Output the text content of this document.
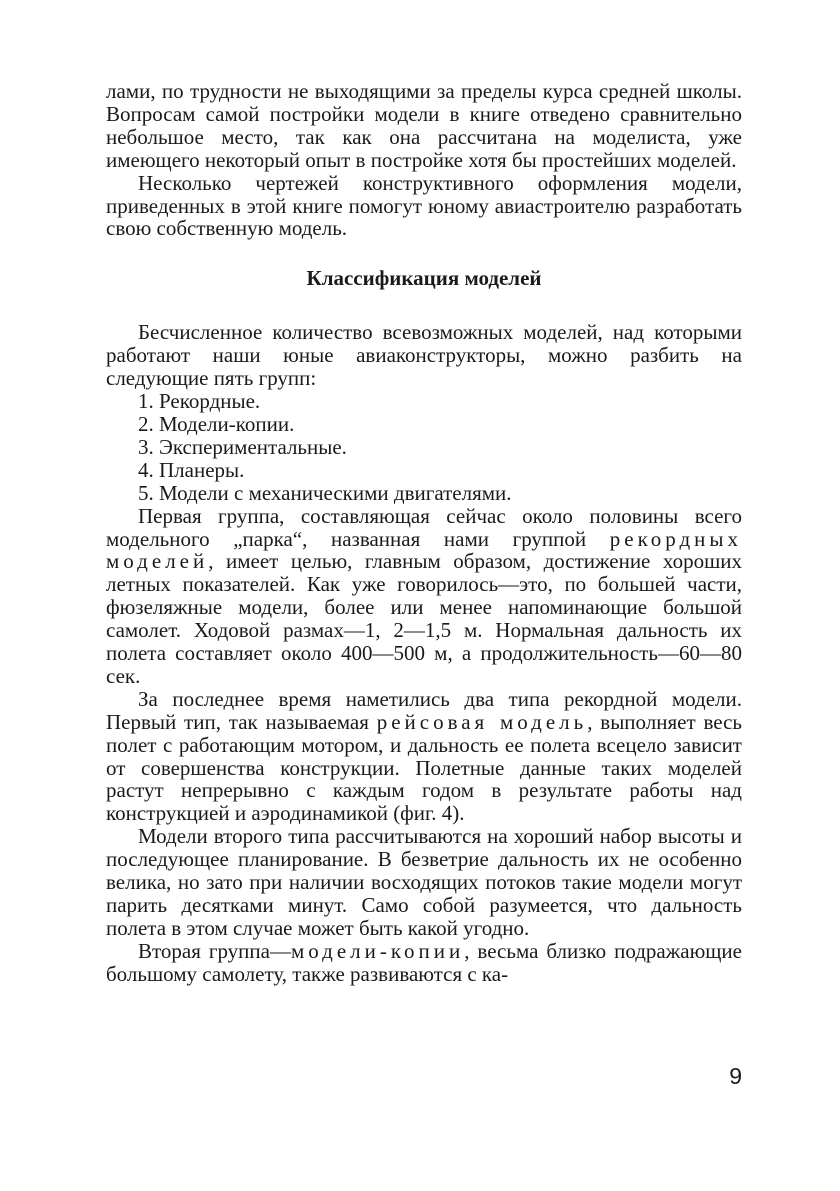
лами, по трудности не выходящими за пределы курса средней школы. Вопросам самой постройки модели в книге отведено сравнительно небольшое место, так как она рассчитана на моделиста, уже имеющего некоторый опыт в постройке хотя бы простейших моделей.

Несколько чертежей конструктивного оформления модели, приведенных в этой книге помогут юному авиастроителю разработать свою собственную модель.

Классификация моделей

Бесчисленное количество всевозможных моделей, над которыми работают наши юные авиаконструкторы, можно разбить на следующие пять групп:

1. Рекордные.
2. Модели-копии.
3. Экспериментальные.
4. Планеры.
5. Модели с механическими двигателями.

Первая группа, составляющая сейчас около половины всего модельного „парка“, названная нами группой рекордных моделей, имеет целью, главным образом, достижение хороших летных показателей. Как уже говорилось—это, по большей части, фюзеляжные модели, более или менее напоминающие большой самолет. Ходовой размах—1, 2—1,5 м. Нормальная дальность их полета составляет около 400—500 м, а продолжительность—60—80 сек.

За последнее время наметились два типа рекордной модели. Первый тип, так называемая рейсовая модель, выполняет весь полет с работающим мотором, и дальность ее полета всецело зависит от совершенства конструкции. Полетные данные таких моделей растут непрерывно с каждым годом в результате работы над конструкцией и аэродинамикой (фиг. 4).

Модели второго типа рассчитываются на хороший набор высоты и последующее планирование. В безветрие дальность их не особенно велика, но зато при наличии восходящих потоков такие модели могут парить десятками минут. Само собой разумеется, что дальность полета в этом случае может быть какой угодно.

Вторая группа—модели-копии, весьма близко подражающие большому самолету, также развиваются с ка-

9
